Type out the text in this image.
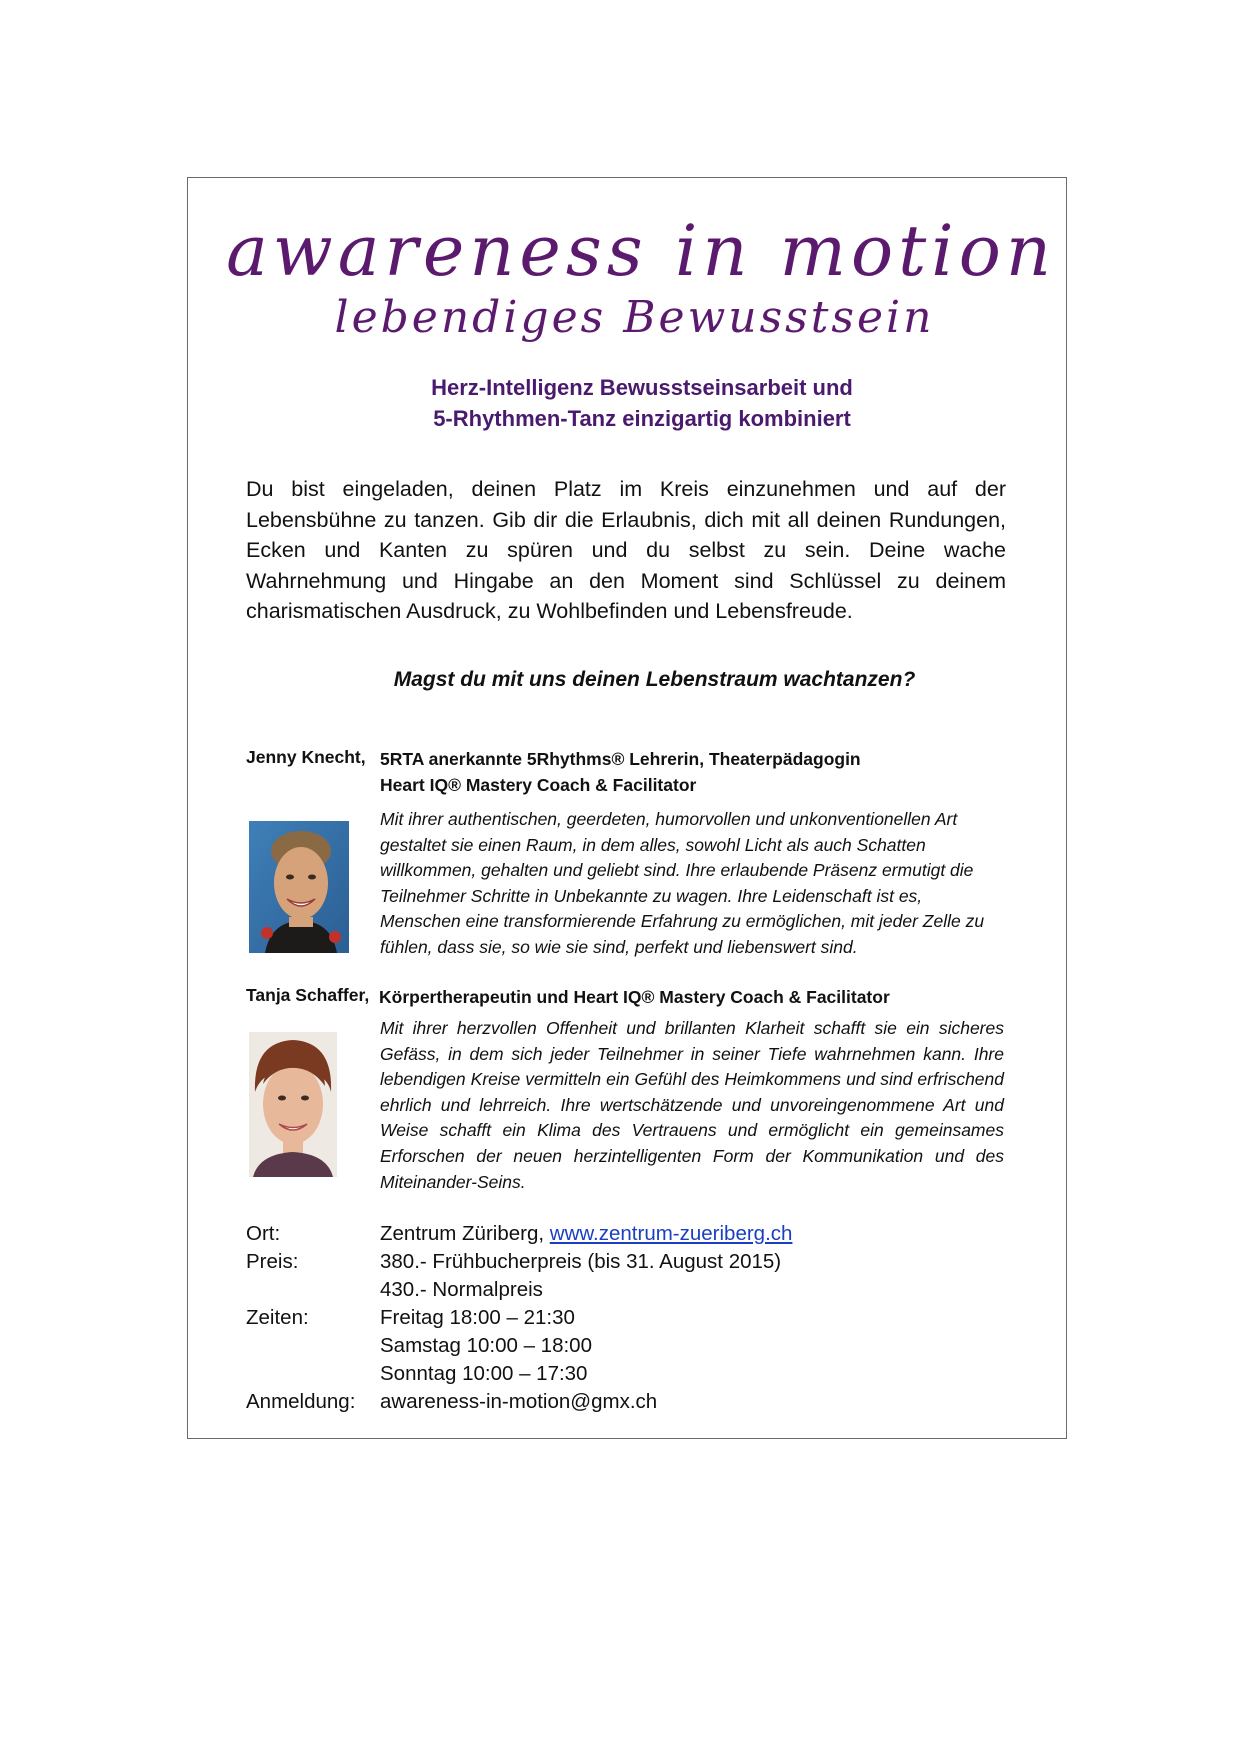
awareness in motion
lebendiges Bewusstsein
Herz-Intelligenz Bewusstseinsarbeit und
5-Rhythmen-Tanz einzigartig kombiniert

Du bist eingeladen, deinen Platz im Kreis einzunehmen und auf der Lebensbühne zu tanzen. Gib dir die Erlaubnis, dich mit all deinen Rundungen, Ecken und Kanten zu spüren und du selbst zu sein. Deine wache Wahrnehmung und Hingabe an den Moment sind Schlüssel zu deinem charismatischen Ausdruck, zu Wohlbefinden und Lebensfreude.

Magst du mit uns deinen Lebenstraum wachtanzen?

Jenny Knecht, 5RTA anerkannte 5Rhythms® Lehrerin, Theaterpädagogin
Heart IQ® Mastery Coach & Facilitator

Mit ihrer authentischen, geerdeten, humorvollen und unkonventionellen Art gestaltet sie einen Raum, in dem alles, sowohl Licht als auch Schatten willkommen, gehalten und geliebt sind. Ihre erlaubende Präsenz ermutigt die Teilnehmer Schritte in Unbekannte zu wagen. Ihre Leidenschaft ist es, Menschen eine transformierende Erfahrung zu ermöglichen, mit jeder Zelle zu fühlen, dass sie, so wie sie sind, perfekt und liebenswert sind.

Tanja Schaffer, Körpertherapeutin und Heart IQ® Mastery Coach & Facilitator

Mit ihrer herzvollen Offenheit und brillanten Klarheit schafft sie ein sicheres Gefäss, in dem sich jeder Teilnehmer in seiner Tiefe wahrnehmen kann. Ihre lebendigen Kreise vermitteln ein Gefühl des Heimkommens und sind erfrischend ehrlich und lehrreich. Ihre wertschätzende und unvoreingenommene Art und Weise schafft ein Klima des Vertrauens und ermöglicht ein gemeinsames Erforschen der neuen herzintelligenten Form der Kommunikation und des Miteinander-Seins.

Ort:	Zentrum Züriberg, www.zentrum-zueriberg.ch
Preis:	380.- Frühbucherpreis (bis 31. August 2015)
430.- Normalpreis
Zeiten:	Freitag 18:00 – 21:30
Samstag 10:00 – 18:00
Sonntag 10:00 – 17:30
Anmeldung: awareness-in-motion@gmx.ch
